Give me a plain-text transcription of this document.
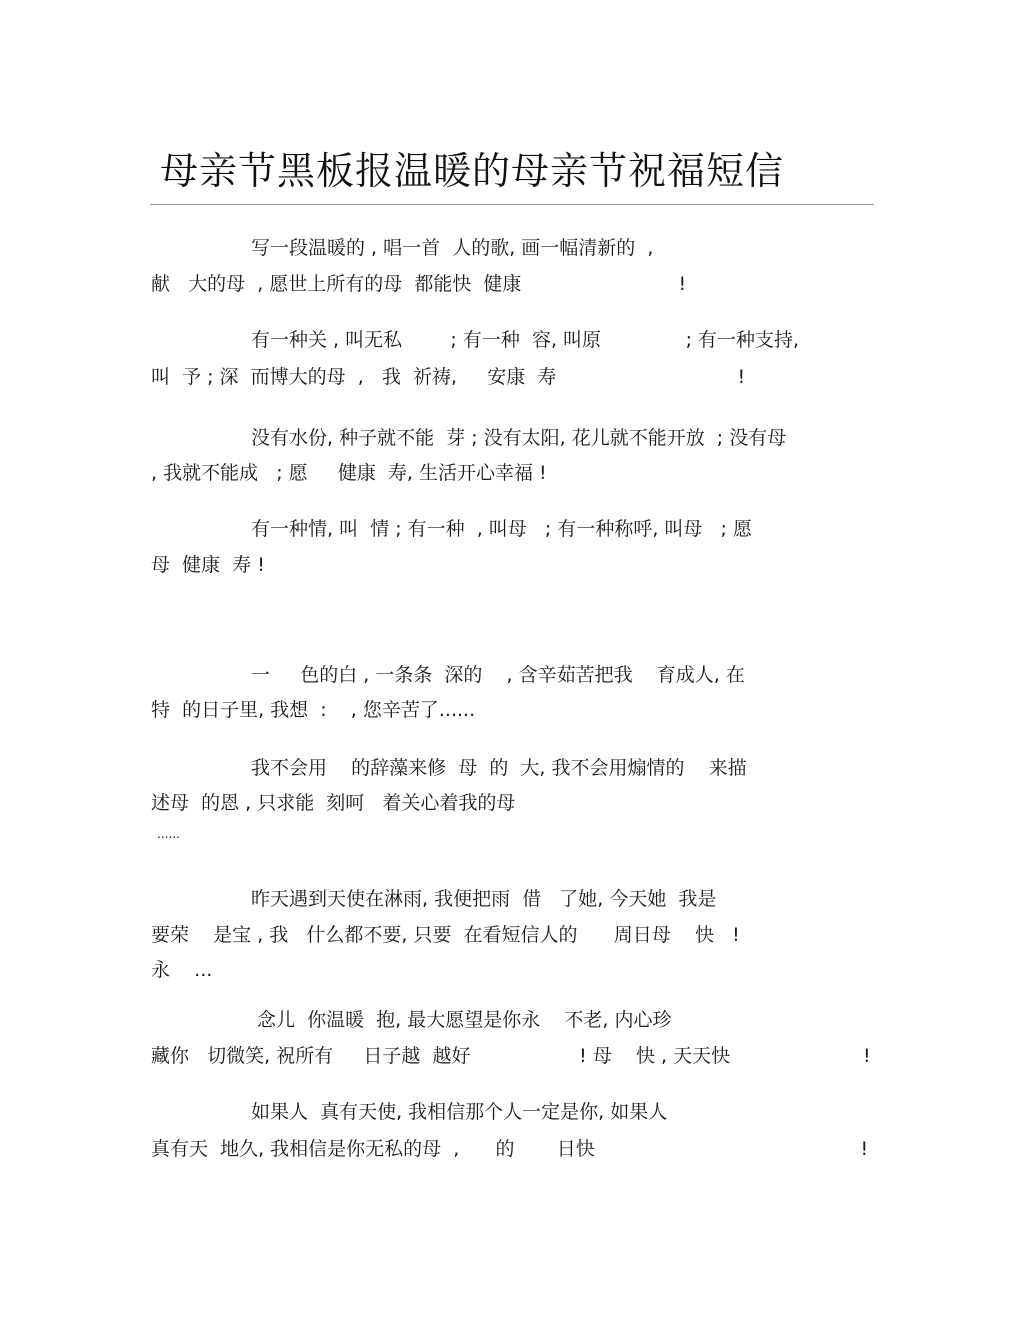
母亲节黑板报温暖的母亲节祝福短信
写一段温暖的 , 唱一首  人的歌, 画一幅清新的  ,
献   大的母  , 愿世上所有的母  都能快  健康                          !
有一种关 , 叫无私        ; 有一种  容, 叫原              ; 有一种支持,
叫  予 ; 深  而博大的母  ,   我  祈祷,     安康  寿                              !
没有水份, 种子就不能  芽 ; 没有太阳, 花儿就不能开放  ; 没有母
, 我就不能成   ; 愿     健康  寿, 生活开心幸福 !
有一种情, 叫  情 ; 有一种  , 叫母   ; 有一种称呼, 叫母   ; 愿
母  健康  寿 !
一     色的白 , 一条条  深的    , 含辛茹苦把我    育成人, 在
特  的日子里, 我想  :    , 您辛苦了......
我不会用    的辞藻来修  母  的  大, 我不会用煽情的    来描
述母  的恩 , 只求能  刻呵   着关心着我的母
......
昨天遇到天使在淋雨, 我便把雨  借   了她, 今天她  我是
要荣    是宝 , 我   什么都不要, 只要  在看短信人的      周日母    快   !
永    ...
念儿  你温暖  抱, 最大愿望是你永    不老, 内心珍
藏你   切微笑, 祝所有     日子越  越好                  ! 母    快 , 天天快                      !
如果人  真有天使, 我相信那个人一定是你, 如果人
真有天  地久, 我相信是你无私的母  ,      的       日快                                            !
